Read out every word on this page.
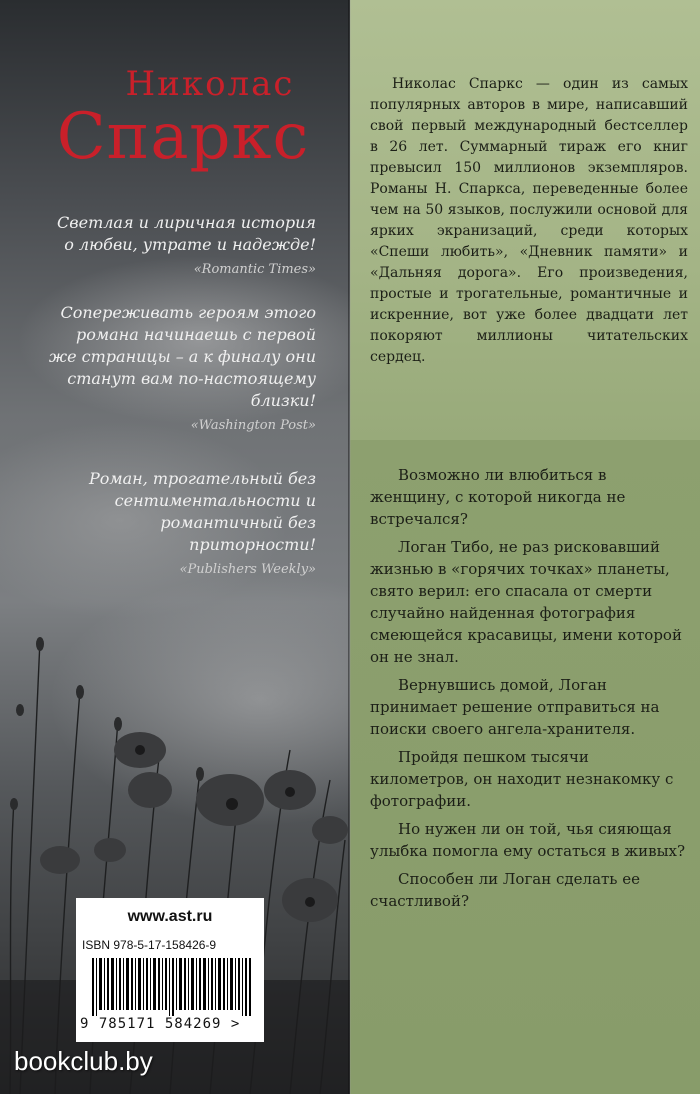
Николас

Спаркс

Светлая и лиричная история о любви, утрате и надежде!

«Romantic Times»

Сопереживать героям этого романа начинаешь с первой же страницы – а к финалу они станут вам по-настоящему близки!

«Washington Post»

Роман, трогательный без сентиментальности и романтичный без приторности!

«Publishers Weekly»

www.ast.ru
ISBN 978-5-17-158426-9
9 785171 584269 >
bookclub.by

Николас Спаркс — один из самых популярных авторов в мире, написавший свой первый международный бестселлер в 26 лет. Суммарный тираж его книг превысил 150 миллионов экземпляров. Романы Н. Спаркса, переведенные более чем на 50 языков, послужили основой для ярких экранизаций, среди которых «Спеши любить», «Дневник памяти» и «Дальняя дорога». Его произведения, простые и трогательные, романтичные и искренние, вот уже более двадцати лет покоряют миллионы читательских сердец.

Возможно ли влюбиться в женщину, с которой никогда не встречался?

Логан Тибо, не раз рисковавший жизнью в «горячих точках» планеты, свято верил: его спасала от смерти случайно найденная фотография смеющейся красавицы, имени которой он не знал.

Вернувшись домой, Логан принимает решение отправиться на поиски своего ангела-хранителя.

Пройдя пешком тысячи километров, он находит незнакомку с фотографии.

Но нужен ли он той, чья сияющая улыбка помогла ему остаться в живых?

Способен ли Логан сделать ее счастливой?
